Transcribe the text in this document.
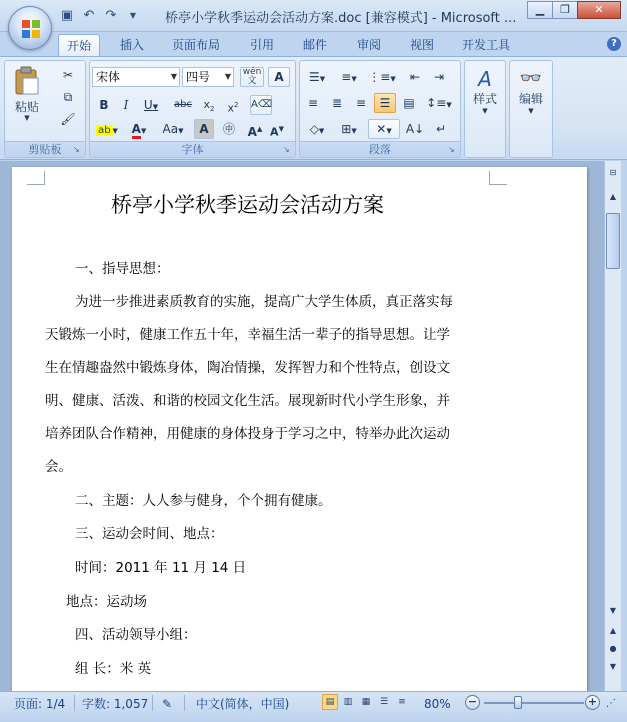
▣ ↶ ↷	▼	桥亭小学秋季运动会活动方案.doc [兼容模式] - Microsoft ...
▁	❐	✕
开始	插入	页面布局	引用	邮件	审阅	视图	开发工具	?
粘贴
▼
✂
⧉
🖌
剪贴板	↘
宋体	▼ 四号 ▼ wén
文	A
B	I	U▼	abc	$x_2$	$x^2$	A⌫
ab ▼	A▼	Aa▼	A	㊥	A▲ A▼
字体	↘
☰▼	≡▼ ⋮≡▼	⇤	⇥
≡	≣	≡	☰	▤ ↕≡▼
◇▼	⊞▼	✕▼	A↓ ↵
段落	↘
A
样式
▼
👓
编辑
▼
桥亭小学秋季运动会活动方案
一、指导思想：
为进一步推进素质教育的实施，提高广大学生体质，真正落实每
天锻炼一小时，健康工作五十年，幸福生活一辈子的指导思想。让学
生在情趣盎然中锻炼身体，陶冶情操，发挥智力和个性特点，创设文
明、健康、活泼、和谐的校园文化生活。展现新时代小学生形象，并
培养团队合作精神，用健康的身体投身于学习之中，特举办此次运动
会。
二、主题：人人参与健身，个个拥有健康。
三、运动会时间、地点：
时间：2011 年 11 月 14 日
地点：运动场
四、活动领导小组：
组 长：米 英
⊟
▲
▼
▲
●
▼
页面: 1/4 字数: 1,057 ✎ 中文(简体，中国)	▤	▥	▦	☰	≡	80% −	+ ⋰
